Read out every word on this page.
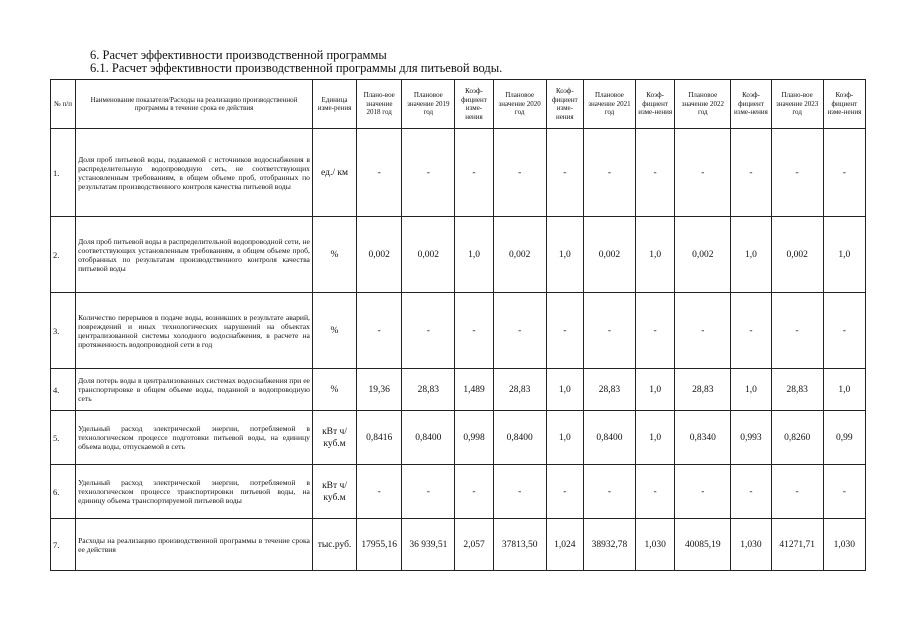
6. Расчет эффективности производственной программы
6.1. Расчет эффективности производственной программы для питьевой воды.
№ п/п	Наименование показателя/Расходы на реализацию производственной программы в течение срока ее действия	Единица изме-рения	Плано-вое значение 2018 год	Плановое значение 2019 год	Коэф-фициент изме-нения	Плановое значение 2020 год	Коэф-фициент изме-нения	Плановое значение 2021 год	Коэф-фициент изме-нения	Плановое значение 2022 год	Коэф-фициент изме-нения	Плано-вое значение 2023 год	Коэф-фициент изме-нения
1.	Доля проб питьевой воды, подаваемой с источников водоснабжения в распределительную водопроводную сеть, не соответствующих установленным требованиям, в общем объеме проб, отобранных по результатам производственного контроля качества питьевой воды	ед./ км	-	-	-	-	-	-	-	-	-	-	-
2.	Доля проб питьевой воды в распределительной водопроводной сети, не соответствующих установленным требованиям, в общем объеме проб, отобранных по результатам производственного контроля качества питьевой воды	%	0,002	0,002	1,0	0,002	1,0	0,002	1,0	0,002	1,0	0,002	1,0
3.	Количество перерывов в подаче воды, возникших в результате аварий, повреждений и иных технологических нарушений на объектах централизованной системы холодного водоснабжения, в расчете на протяженность водопроводной сети в год	%	-	-	-	-	-	-	-	-	-	-	-
4.	Доля потерь воды в централизованных системах водоснабжения при ее транспортировке в общем объеме воды, поданной в водопроводную сеть	%	19,36	28,83	1,489	28,83	1,0	28,83	1,0	28,83	1,0	28,83	1,0
5.	Удельный расход электрической энергии, потребляемой в технологическом процессе подготовки питьевой воды, на единицу объема воды, отпускаемой в сеть	кВт ч/куб.м	0,8416	0,8400	0,998	0,8400	1,0	0,8400	1,0	0,8340	0,993	0,8260	0,99
6.	Удельный расход электрической энергии, потребляемой в технологическом процессе транспортировки питьевой воды, на единицу объема транспортируемой питьевой воды	кВт ч/куб.м	-	-	-	-	-	-	-	-	-	-	-
7.	Расходы на реализацию производственной программы в течение срока ее действия	тыс.руб.	17955,16	36 939,51	2,057	37813,50	1,024	38932,78	1,030	40085,19	1,030	41271,71	1,030
